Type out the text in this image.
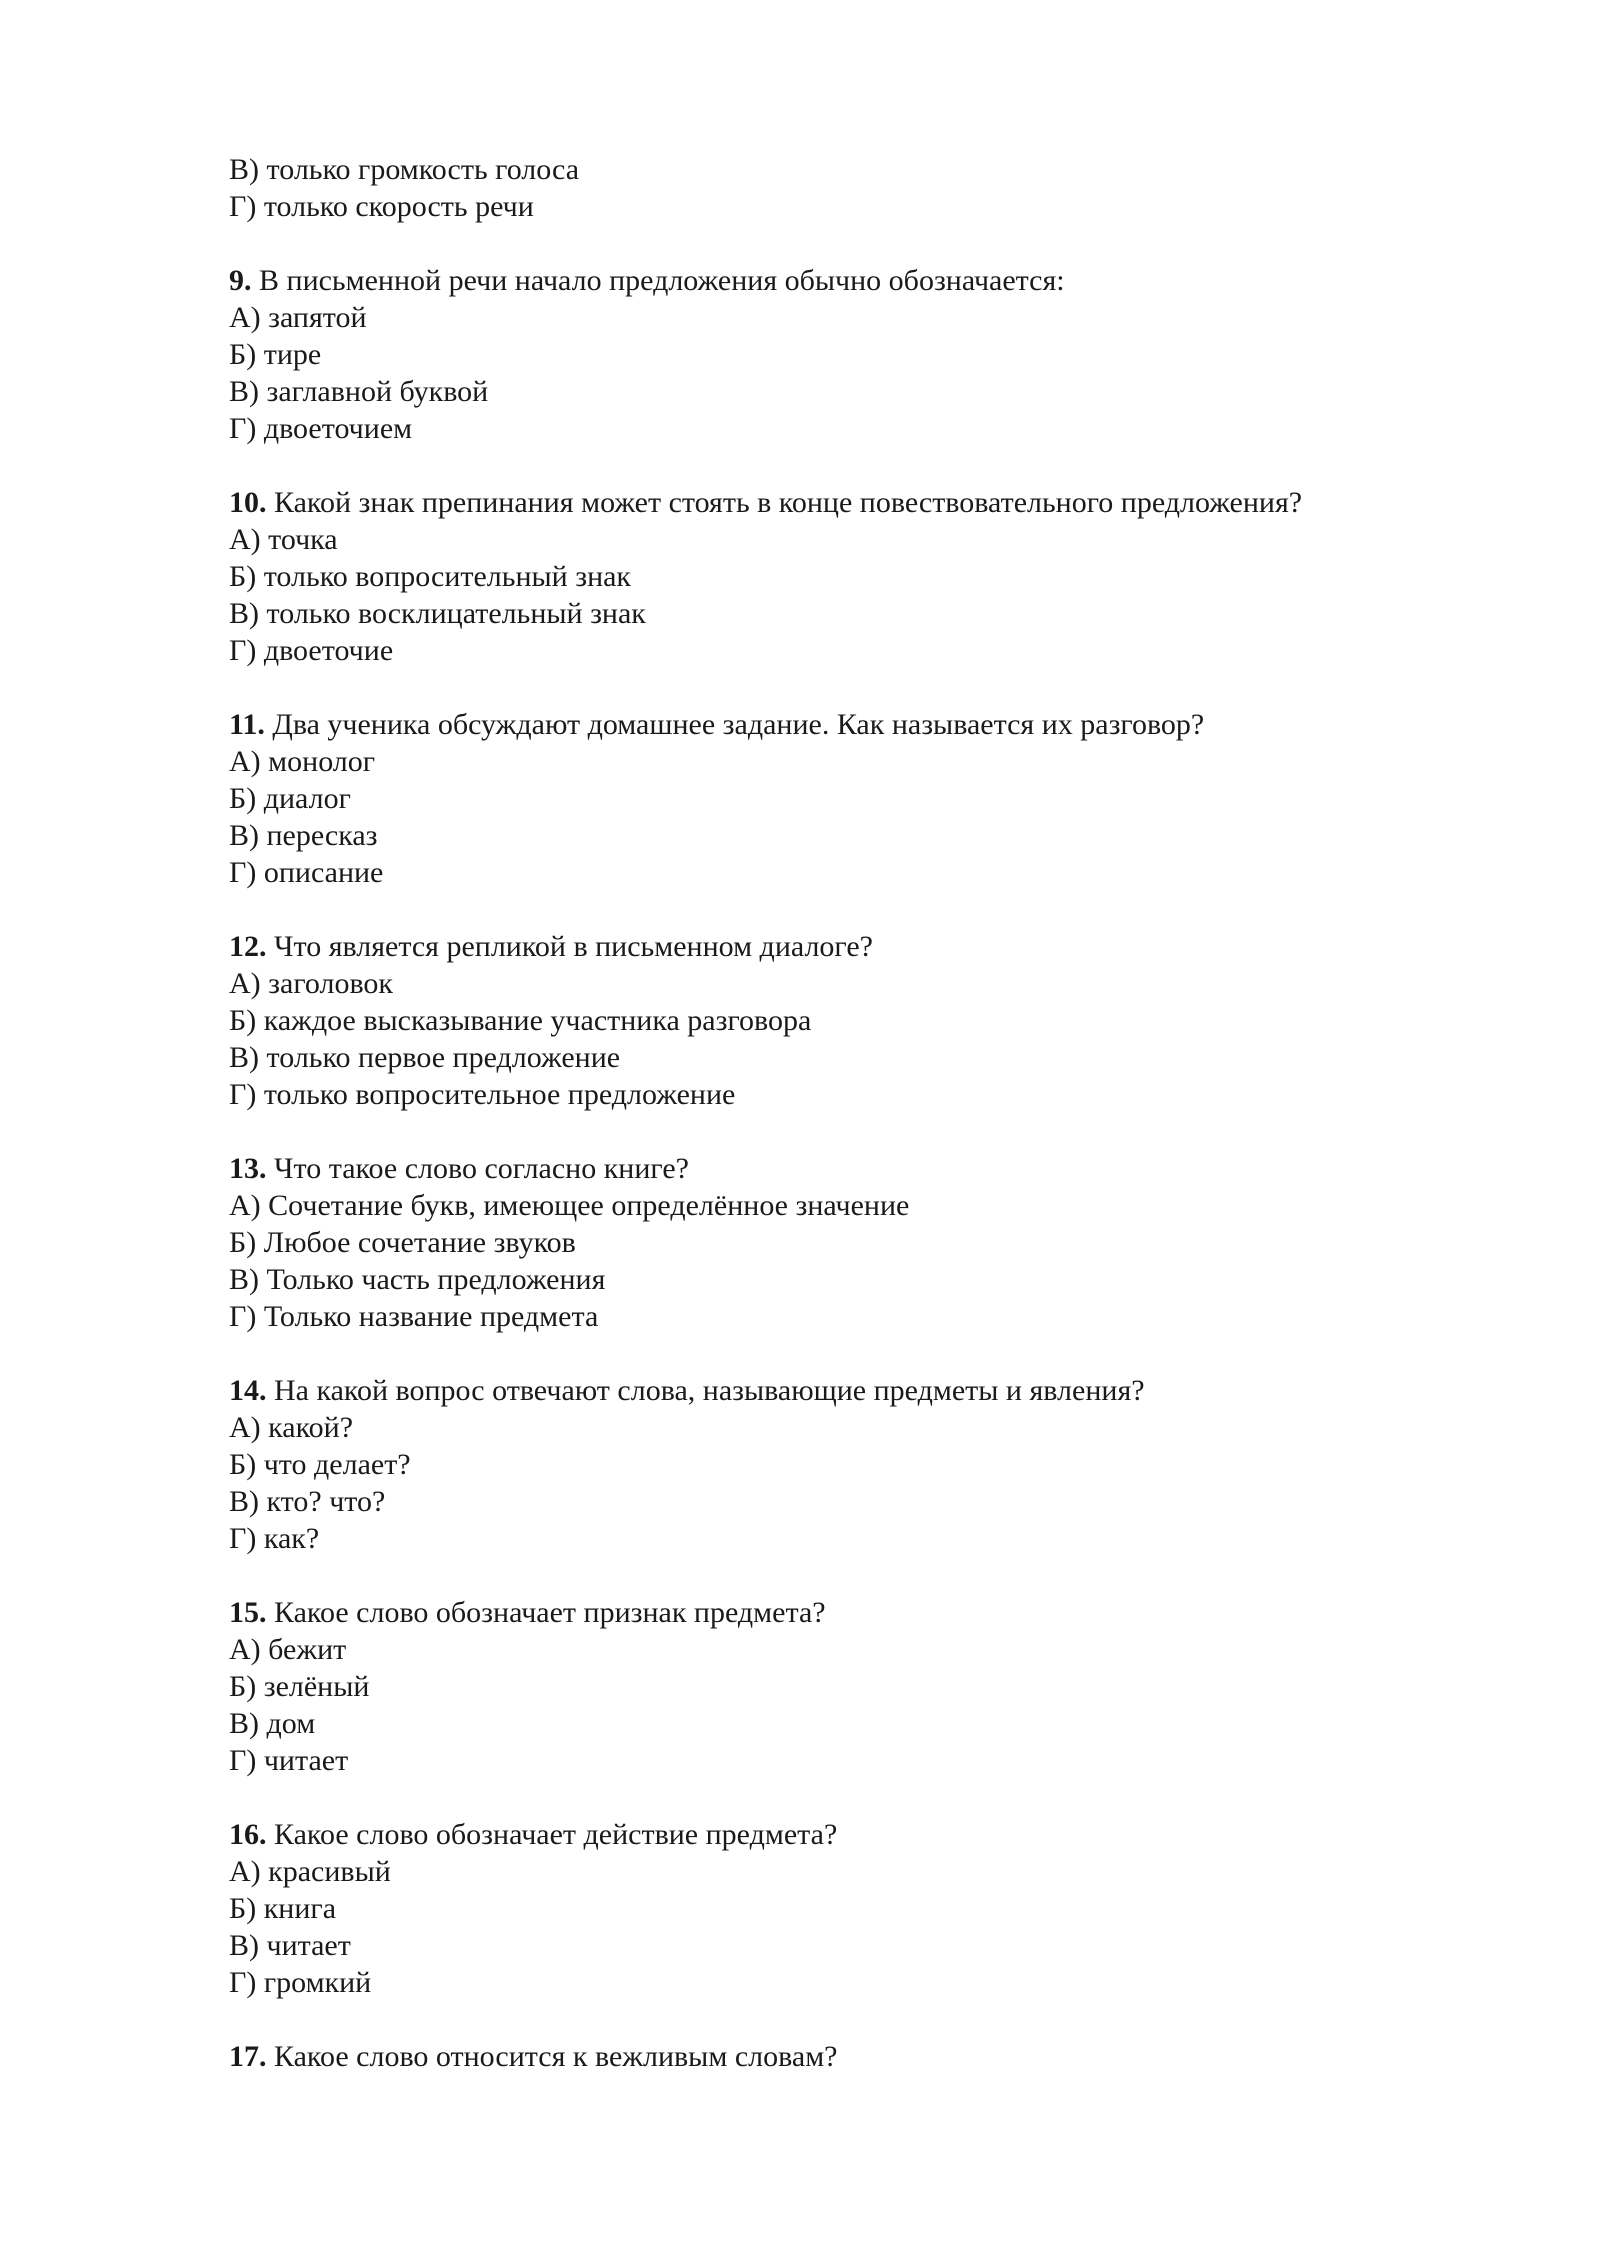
В) только громкость голоса
Г) только скорость речи
9. В письменной речи начало предложения обычно обозначается:
А) запятой
Б) тире
В) заглавной буквой
Г) двоеточием
10. Какой знак препинания может стоять в конце повествовательного предложения?
А) точка
Б) только вопросительный знак
В) только восклицательный знак
Г) двоеточие
11. Два ученика обсуждают домашнее задание. Как называется их разговор?
А) монолог
Б) диалог
В) пересказ
Г) описание
12. Что является репликой в письменном диалоге?
А) заголовок
Б) каждое высказывание участника разговора
В) только первое предложение
Г) только вопросительное предложение
13. Что такое слово согласно книге?
А) Сочетание букв, имеющее определённое значение
Б) Любое сочетание звуков
В) Только часть предложения
Г) Только название предмета
14. На какой вопрос отвечают слова, называющие предметы и явления?
А) какой?
Б) что делает?
В) кто? что?
Г) как?
15. Какое слово обозначает признак предмета?
А) бежит
Б) зелёный
В) дом
Г) читает
16. Какое слово обозначает действие предмета?
А) красивый
Б) книга
В) читает
Г) громкий
17. Какое слово относится к вежливым словам?
